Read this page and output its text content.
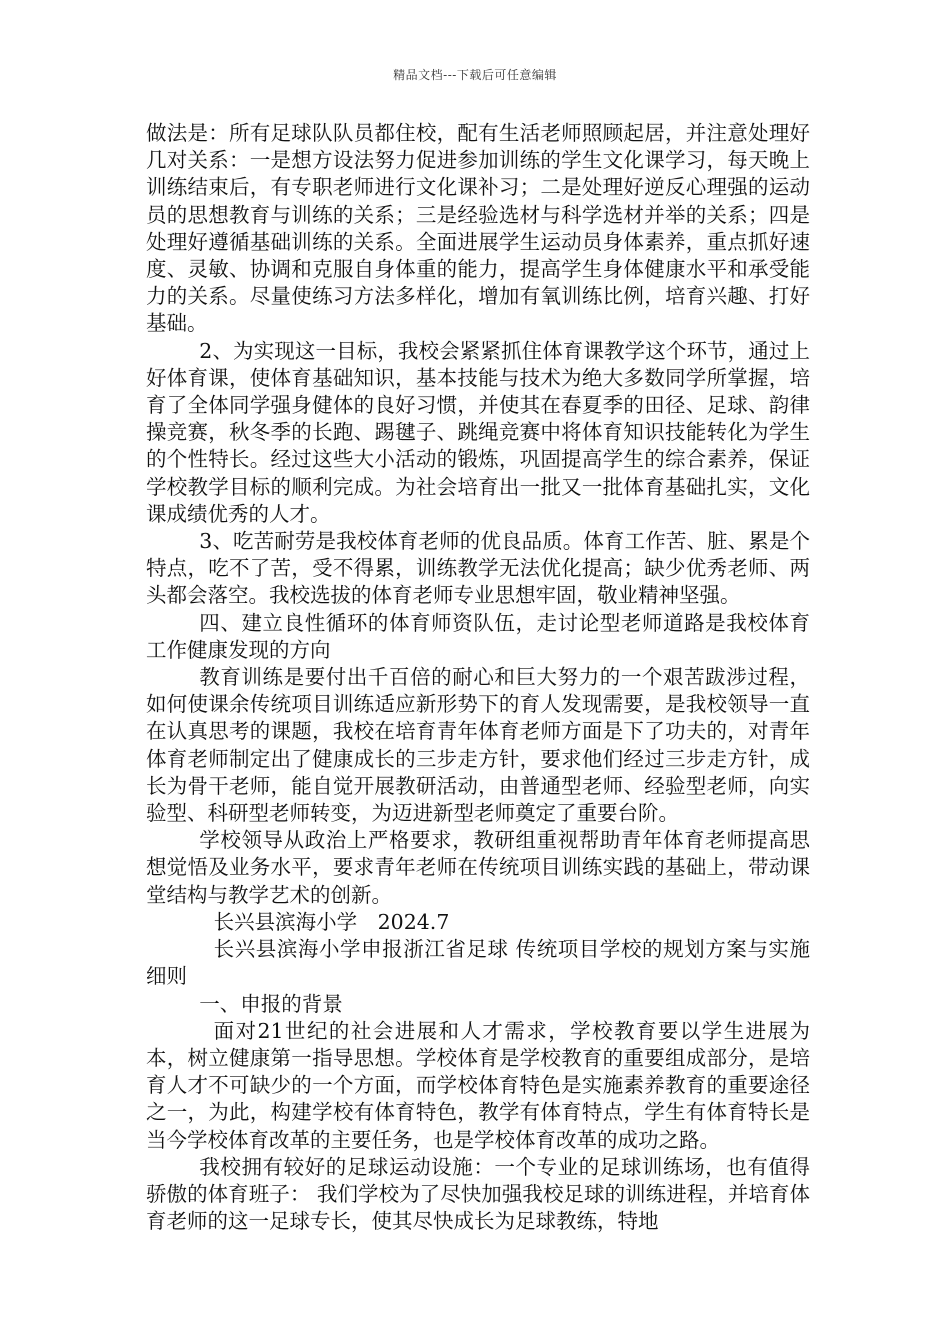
精品文档---下载后可任意编辑

做法是：所有足球队队员都住校，配有生活老师照顾起居，并注意处理好几对关系：一是想方设法努力促进参加训练的学生文化课学习，每天晚上训练结束后，有专职老师进行文化课补习；二是处理好逆反心理强的运动员的思想教育与训练的关系；三是经验选材与科学选材并举的关系；四是处理好遵循基础训练的关系。全面进展学生运动员身体素养，重点抓好速度、灵敏、协调和克服自身体重的能力，提高学生身体健康水平和承受能力的关系。尽量使练习方法多样化，增加有氧训练比例，培育兴趣、打好基础。

2、为实现这一目标，我校会紧紧抓住体育课教学这个环节，通过上好体育课，使体育基础知识，基本技能与技术为绝大多数同学所掌握，培育了全体同学强身健体的良好习惯，并使其在春夏季的田径、足球、韵律操竞赛，秋冬季的长跑、踢毽子、跳绳竞赛中将体育知识技能转化为学生的个性特长。经过这些大小活动的锻炼，巩固提高学生的综合素养，保证学校教学目标的顺利完成。为社会培育出一批又一批体育基础扎实，文化课成绩优秀的人才。

3、吃苦耐劳是我校体育老师的优良品质。体育工作苦、脏、累是个特点，吃不了苦，受不得累，训练教学无法优化提高；缺少优秀老师、两头都会落空。我校选拔的体育老师专业思想牢固，敬业精神坚强。

四、建立良性循环的体育师资队伍，走讨论型老师道路是我校体育工作健康发现的方向

教育训练是要付出千百倍的耐心和巨大努力的一个艰苦跋涉过程，如何使课余传统项目训练适应新形势下的育人发现需要，是我校领导一直在认真思考的课题，我校在培育青年体育老师方面是下了功夫的，对青年体育老师制定出了健康成长的三步走方针，要求他们经过三步走方针，成长为骨干老师，能自觉开展教研活动，由普通型老师、经验型老师，向实验型、科研型老师转变，为迈进新型老师奠定了重要台阶。

学校领导从政治上严格要求，教研组重视帮助青年体育老师提高思想觉悟及业务水平，要求青年老师在传统项目训练实践的基础上，带动课堂结构与教学艺术的创新。

长兴县滨海小学　2024.7

长兴县滨海小学申报浙江省足球 传统项目学校的规划方案与实施细则

一、申报的背景

面对21世纪的社会进展和人才需求，学校教育要以学生进展为本，树立健康第一指导思想。学校体育是学校教育的重要组成部分，是培育人才不可缺少的一个方面，而学校体育特色是实施素养教育的重要途径之一，为此，构建学校有体育特色，教学有体育特点，学生有体育特长是当今学校体育改革的主要任务，也是学校体育改革的成功之路。

我校拥有较好的足球运动设施：一个专业的足球训练场，也有值得骄傲的体育班子： 我们学校为了尽快加强我校足球的训练进程，并培育体育老师的这一足球专长，使其尽快成长为足球教练，特地
